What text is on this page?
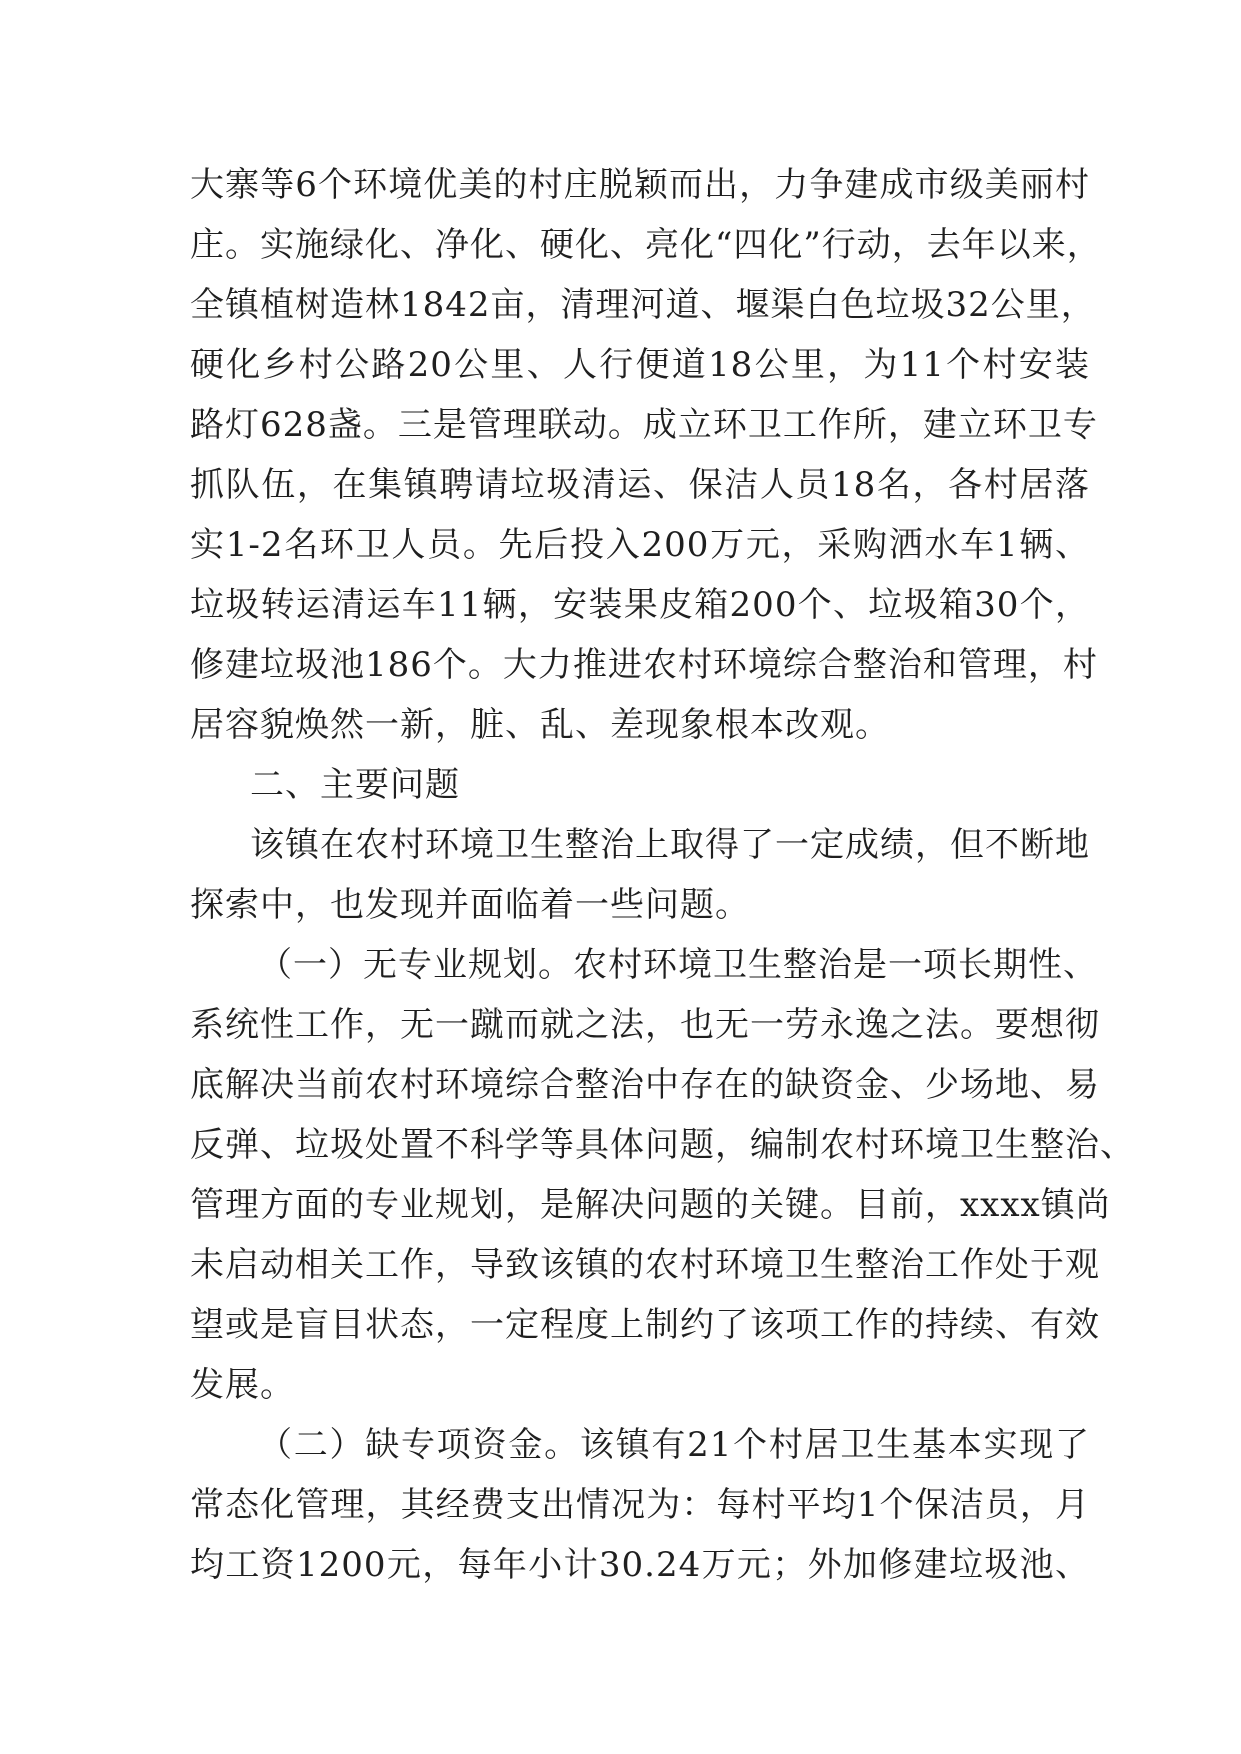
大寨等6个环境优美的村庄脱颖而出，力争建成市级美丽村
庄。实施绿化、净化、硬化、亮化“四化”行动，去年以来，
全镇植树造林1842亩，清理河道、堰渠白色垃圾32公里，
硬化乡村公路20公里、人行便道18公里，为11个村安装
路灯628盏。三是管理联动。成立环卫工作所，建立环卫专
抓队伍，在集镇聘请垃圾清运、保洁人员18名，各村居落
实1-2名环卫人员。先后投入200万元，采购洒水车1辆、
垃圾转运清运车11辆，安装果皮箱200个、垃圾箱30个，
修建垃圾池186个。大力推进农村环境综合整治和管理，村
居容貌焕然一新，脏、乱、差现象根本改观。
二、主要问题
该镇在农村环境卫生整治上取得了一定成绩，但不断地
探索中，也发现并面临着一些问题。
（一）无专业规划。农村环境卫生整治是一项长期性、
系统性工作，无一蹴而就之法，也无一劳永逸之法。要想彻
底解决当前农村环境综合整治中存在的缺资金、少场地、易
反弹、垃圾处置不科学等具体问题，编制农村环境卫生整治、
管理方面的专业规划，是解决问题的关键。目前，xxxx镇尚
未启动相关工作，导致该镇的农村环境卫生整治工作处于观
望或是盲目状态，一定程度上制约了该项工作的持续、有效
发展。
（二）缺专项资金。该镇有21个村居卫生基本实现了
常态化管理，其经费支出情况为：每村平均1个保洁员，月
均工资1200元，每年小计30.24万元；外加修建垃圾池、
